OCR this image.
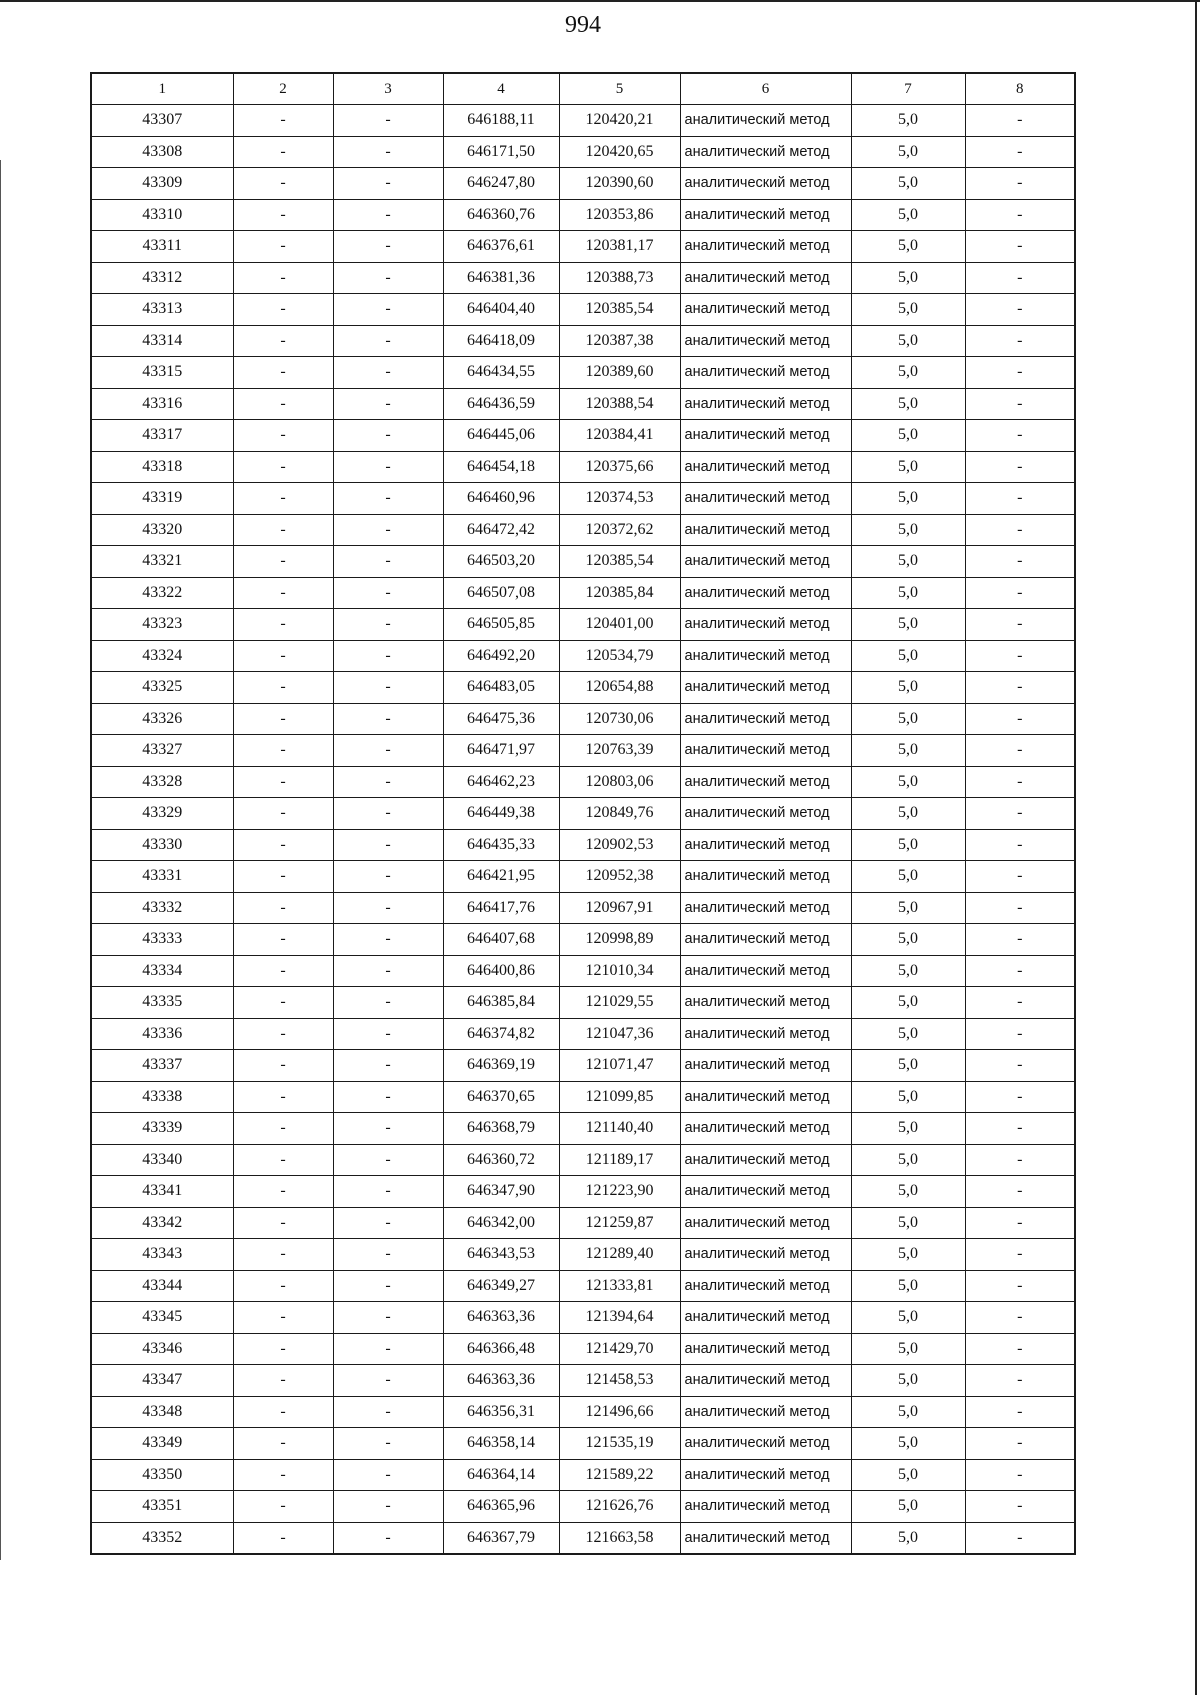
994
1	2	3	4	5	6	7	8
43307	-	-	646188,11	120420,21	аналитический метод	5,0	-
43308	-	-	646171,50	120420,65	аналитический метод	5,0	-
43309	-	-	646247,80	120390,60	аналитический метод	5,0	-
43310	-	-	646360,76	120353,86	аналитический метод	5,0	-
43311	-	-	646376,61	120381,17	аналитический метод	5,0	-
43312	-	-	646381,36	120388,73	аналитический метод	5,0	-
43313	-	-	646404,40	120385,54	аналитический метод	5,0	-
43314	-	-	646418,09	120387,38	аналитический метод	5,0	-
43315	-	-	646434,55	120389,60	аналитический метод	5,0	-
43316	-	-	646436,59	120388,54	аналитический метод	5,0	-
43317	-	-	646445,06	120384,41	аналитический метод	5,0	-
43318	-	-	646454,18	120375,66	аналитический метод	5,0	-
43319	-	-	646460,96	120374,53	аналитический метод	5,0	-
43320	-	-	646472,42	120372,62	аналитический метод	5,0	-
43321	-	-	646503,20	120385,54	аналитический метод	5,0	-
43322	-	-	646507,08	120385,84	аналитический метод	5,0	-
43323	-	-	646505,85	120401,00	аналитический метод	5,0	-
43324	-	-	646492,20	120534,79	аналитический метод	5,0	-
43325	-	-	646483,05	120654,88	аналитический метод	5,0	-
43326	-	-	646475,36	120730,06	аналитический метод	5,0	-
43327	-	-	646471,97	120763,39	аналитический метод	5,0	-
43328	-	-	646462,23	120803,06	аналитический метод	5,0	-
43329	-	-	646449,38	120849,76	аналитический метод	5,0	-
43330	-	-	646435,33	120902,53	аналитический метод	5,0	-
43331	-	-	646421,95	120952,38	аналитический метод	5,0	-
43332	-	-	646417,76	120967,91	аналитический метод	5,0	-
43333	-	-	646407,68	120998,89	аналитический метод	5,0	-
43334	-	-	646400,86	121010,34	аналитический метод	5,0	-
43335	-	-	646385,84	121029,55	аналитический метод	5,0	-
43336	-	-	646374,82	121047,36	аналитический метод	5,0	-
43337	-	-	646369,19	121071,47	аналитический метод	5,0	-
43338	-	-	646370,65	121099,85	аналитический метод	5,0	-
43339	-	-	646368,79	121140,40	аналитический метод	5,0	-
43340	-	-	646360,72	121189,17	аналитический метод	5,0	-
43341	-	-	646347,90	121223,90	аналитический метод	5,0	-
43342	-	-	646342,00	121259,87	аналитический метод	5,0	-
43343	-	-	646343,53	121289,40	аналитический метод	5,0	-
43344	-	-	646349,27	121333,81	аналитический метод	5,0	-
43345	-	-	646363,36	121394,64	аналитический метод	5,0	-
43346	-	-	646366,48	121429,70	аналитический метод	5,0	-
43347	-	-	646363,36	121458,53	аналитический метод	5,0	-
43348	-	-	646356,31	121496,66	аналитический метод	5,0	-
43349	-	-	646358,14	121535,19	аналитический метод	5,0	-
43350	-	-	646364,14	121589,22	аналитический метод	5,0	-
43351	-	-	646365,96	121626,76	аналитический метод	5,0	-
43352	-	-	646367,79	121663,58	аналитический метод	5,0	-
